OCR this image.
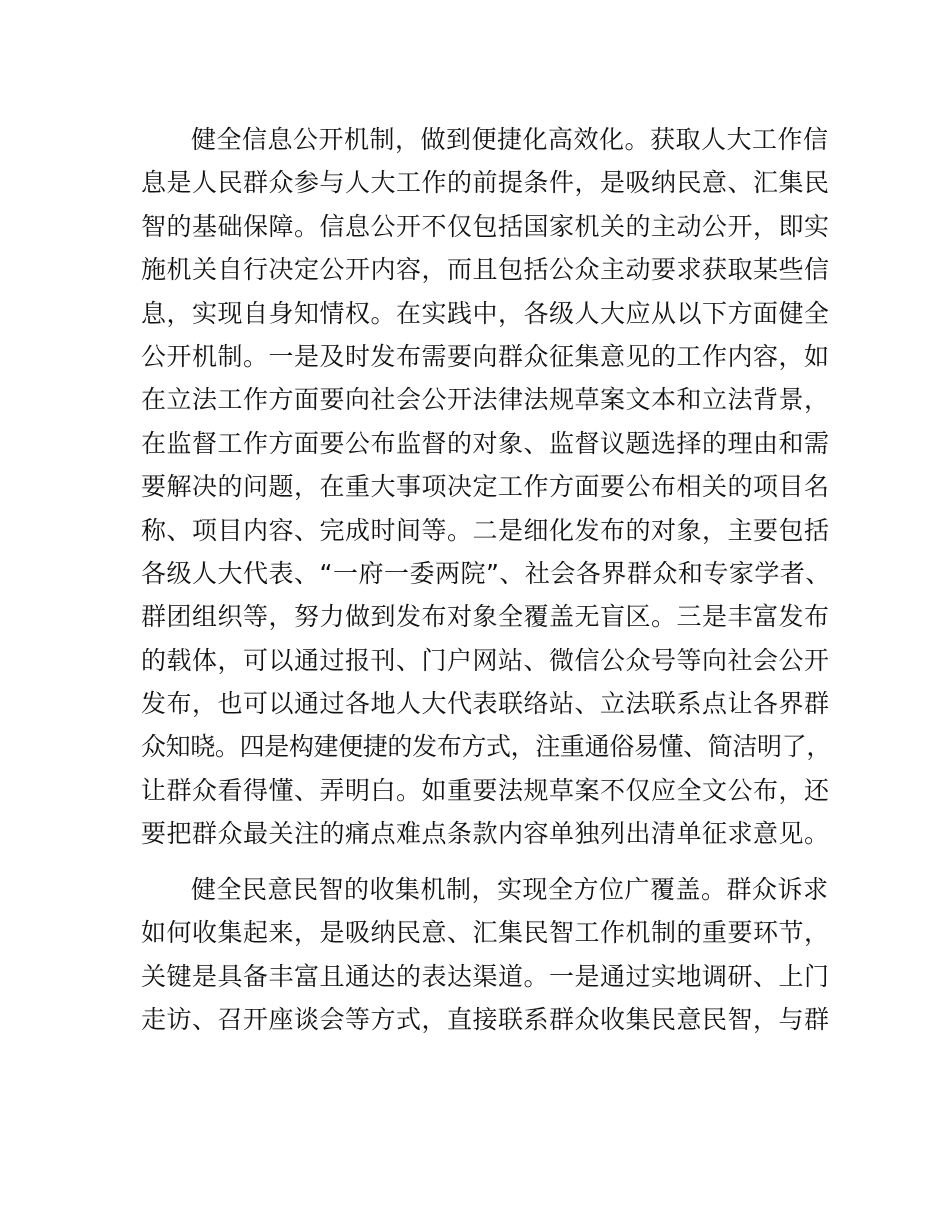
健全信息公开机制，做到便捷化高效化。获取人大工作信
息是人民群众参与人大工作的前提条件，是吸纳民意、汇集民
智的基础保障。信息公开不仅包括国家机关的主动公开，即实
施机关自行决定公开内容，而且包括公众主动要求获取某些信
息，实现自身知情权。在实践中，各级人大应从以下方面健全
公开机制。一是及时发布需要向群众征集意见的工作内容，如
在立法工作方面要向社会公开法律法规草案文本和立法背景，
在监督工作方面要公布监督的对象、监督议题选择的理由和需
要解决的问题，在重大事项决定工作方面要公布相关的项目名
称、项目内容、完成时间等。二是细化发布的对象，主要包括
各级人大代表、“一府一委两院”、社会各界群众和专家学者、
群团组织等，努力做到发布对象全覆盖无盲区。三是丰富发布
的载体，可以通过报刊、门户网站、微信公众号等向社会公开
发布，也可以通过各地人大代表联络站、立法联系点让各界群
众知晓。四是构建便捷的发布方式，注重通俗易懂、简洁明了，
让群众看得懂、弄明白。如重要法规草案不仅应全文公布，还
要把群众最关注的痛点难点条款内容单独列出清单征求意见。
健全民意民智的收集机制，实现全方位广覆盖。群众诉求
如何收集起来，是吸纳民意、汇集民智工作机制的重要环节，
关键是具备丰富且通达的表达渠道。一是通过实地调研、上门
走访、召开座谈会等方式，直接联系群众收集民意民智，与群
